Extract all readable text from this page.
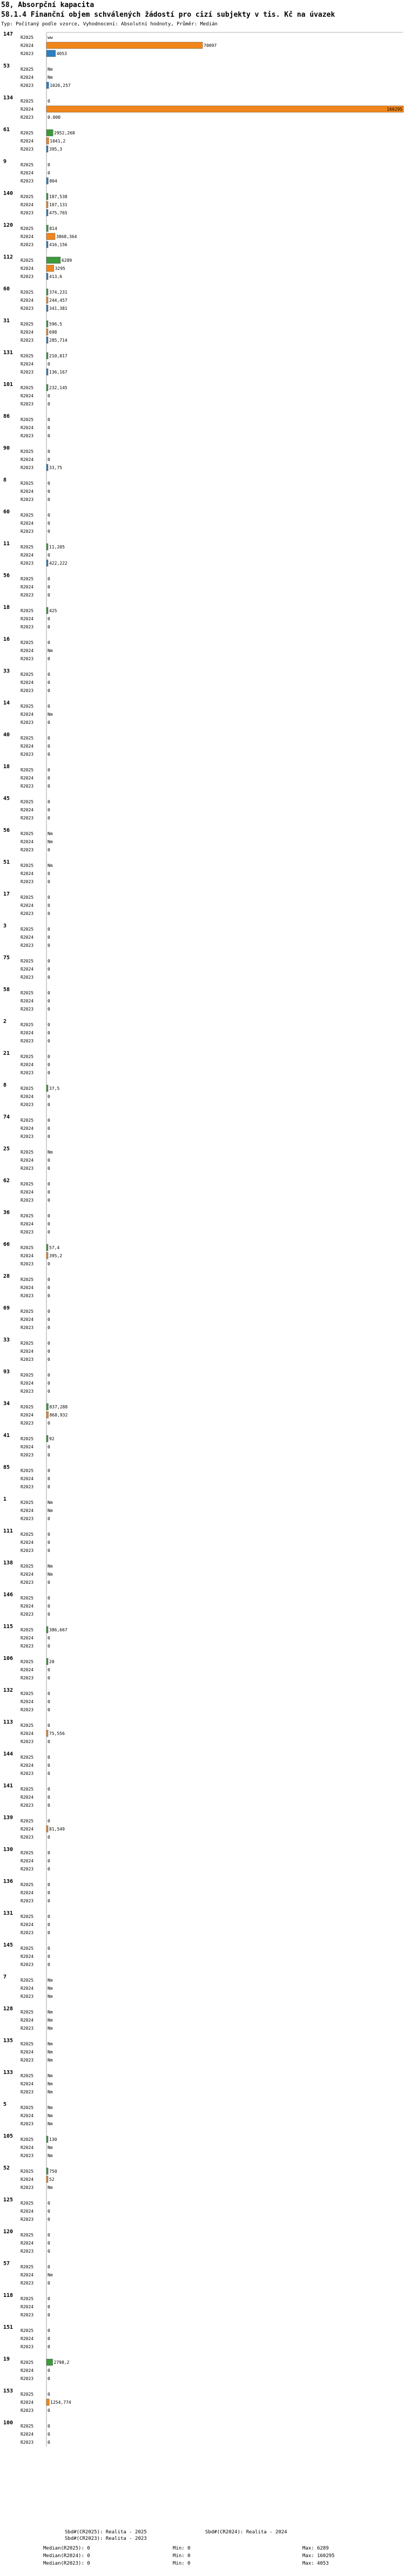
58, Absorpční kapacita
58.1.4 Finanční objem schválených žádostí pro cizí subjekty v tis. Kč na úvazek
Typ: Počítaný podle vzorce, Vyhodnocení: Absolutní hodnoty, Průměr: Medián
147
R2025	ww
R2024	70097
R2023	4053
53
R2025	Nm
R2024	Nm
R2023	1026,257
134
R2025	0
R2024	160295
R2023	0.000
61
R2025	2952,268
R2024	1041,2
R2023	395,3
9
R2025	0
R2024	0
R2023	804
140
R2025	187,538
R2024	107,131
R2023	475,765
120
R2025	814
R2024	3868,364
R2023	416,156
112
R2025	6289
R2024	3295
R2023	413,6
60
R2025	374,231
R2024	244,457
R2023	341,381
31
R2025	596,5
R2024	698
R2023	285,714
131
R2025	210,017
R2024	0
R2023	136,167
101
R2025	232,145
R2024	0
R2023	0
86
R2025	0
R2024	0
R2023	0
90
R2025	0
R2024	0
R2023	33,75
8
R2025	0
R2024	0
R2023	0
60
R2025	0
R2024	0
R2023	0
11
R2025	11,205
R2024	0
R2023	422,222
56
R2025	0
R2024	0
R2023	0
18
R2025	425
R2024	0
R2023	0
16
R2025	0
R2024	Nm
R2023	0
33
R2025	0
R2024	0
R2023	0
14
R2025	0
R2024	Nm
R2023	0
40
R2025	0
R2024	0
R2023	0
18
R2025	0
R2024	0
R2023	0
45
R2025	0
R2024	0
R2023	0
56
R2025	Nm
R2024	Nm
R2023	0
51
R2025	Nm
R2024	0
R2023	0
17
R2025	0
R2024	0
R2023	0
3
R2025	0
R2024	0
R2023	0
75
R2025	0
R2024	0
R2023	0
58
R2025	0
R2024	0
R2023	0
2
R2025	0
R2024	0
R2023	0
21
R2025	0
R2024	0
R2023	0
8
R2025	37,5
R2024	0
R2023	0
74
R2025	0
R2024	0
R2023	0
25
R2025	Nm
R2024	0
R2023	0
62
R2025	0
R2024	0
R2023	0
36
R2025	0
R2024	0
R2023	0
66
R2025	57,4
R2024	395,2
R2023	0
28
R2025	0
R2024	0
R2023	0
69
R2025	0
R2024	0
R2023	0
33
R2025	0
R2024	0
R2023	0
93
R2025	0
R2024	0
R2023	0
34
R2025	837,288
R2024	868,932
R2023	0
41
R2025	92
R2024	0
R2023	0
85
R2025	0
R2024	0
R2023	0
1
R2025	Nm
R2024	Nm
R2023	0
111
R2025	0
R2024	0
R2023	0
138
R2025	Nm
R2024	Nm
R2023	0
146
R2025	0
R2024	0
R2023	0
115
R2025	386,667
R2024	0
R2023	0
106
R2025	20
R2024	0
R2023	0
132
R2025	0
R2024	0
R2023	0
113
R2025	0
R2024	75,556
R2023	0
144
R2025	0
R2024	0
R2023	0
141
R2025	0
R2024	0
R2023	0
139
R2025	0
R2024	81,549
R2023	0
130
R2025	0
R2024	0
R2023	0
136
R2025	0
R2024	0
R2023	0
131
R2025	0
R2024	0
R2023	0
145
R2025	0
R2024	0
R2023	0
7
R2025	Nm
R2024	Nm
R2023	Nm
128
R2025	Nm
R2024	Nm
R2023	Nm
135
R2025	Nm
R2024	Nm
R2023	Nm
133
R2025	Nm
R2024	Nm
R2023	Nm
5
R2025	Nm
R2024	Nm
R2023	Nm
105
R2025	130
R2024	Nm
R2023	Nm
52
R2025	750
R2024	52
R2023	Nm
125
R2025	0
R2024	0
R2023	0
120
R2025	0
R2024	0
R2023	0
57
R2025	0
R2024	Nm
R2023	0
118
R2025	0
R2024	0
R2023	0
151
R2025	0
R2024	0
R2023	0
19
R2025	2798,2
R2024	0
R2023	0
153
R2025	0
R2024	1254,774
R2023	0
100
R2025	0
R2024	0
R2023	0
Sbd#(CR2025): Realita - 2025
Sbd#(CR2023): Realita - 2023
Sbd#(CR2024): Realita - 2024
Median(R2025): 0	Min: 0	Max: 6289
Median(R2024): 0	Min: 0	Max: 160295
Median(R2023): 0	Min: 0	Max: 4053
